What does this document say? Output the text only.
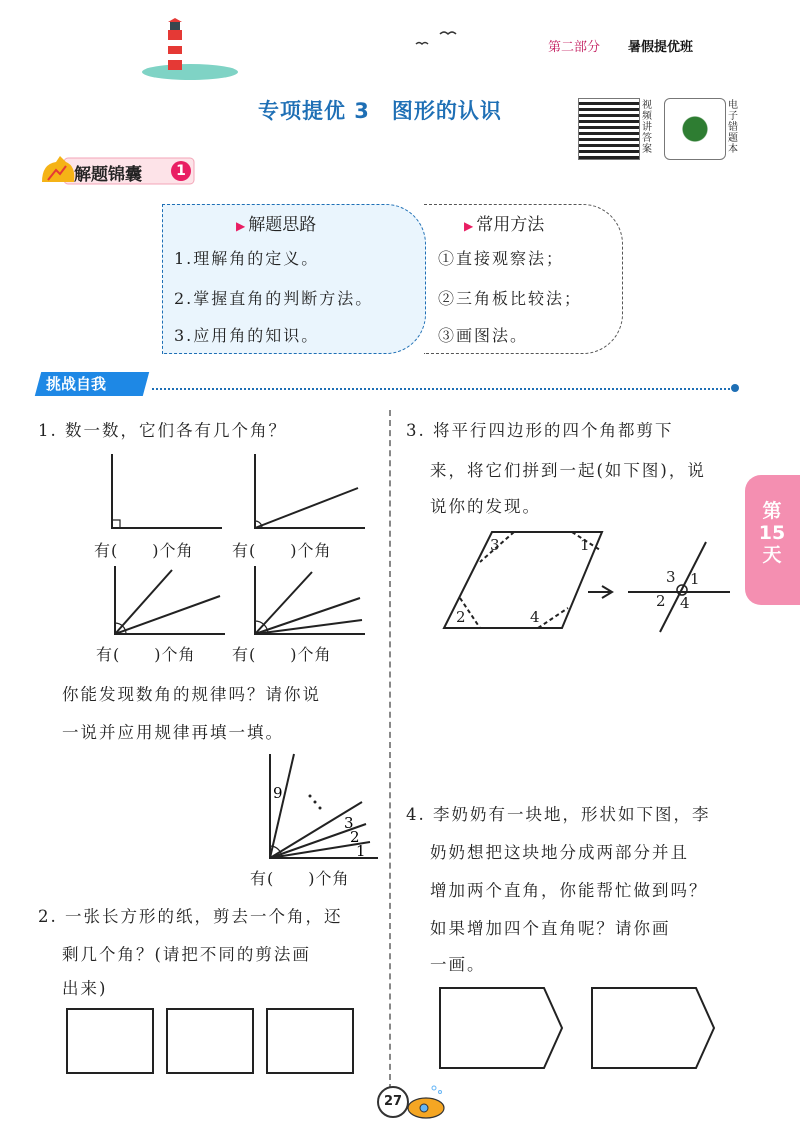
第二部分 暑假提优班
专项提优 3　图形的认识	视频讲答案
电子错题本
解题锦囊	1
▶ 解题思路
1.理解角的定义。
2.掌握直角的判断方法。
3.应用角的知识。
▶ 常用方法
①直接观察法；
②三角板比较法；
③画图法。
挑战自我
1. 数一数，它们各有几个角？
有(　　)个角 有(　　)个角
有(　　)个角 有(　　)个角
你能发现数角的规律吗？请你说
一说并应用规律再填一填。
9
3
2
1
有(　　)个角
2. 一张长方形的纸，剪去一个角，还
剩几个角？(请把不同的剪法画
出来)
3. 将平行四边形的四个角都剪下
来，将它们拼到一起(如下图)，说
说你的发现。
3	1
2	4
3 1
2 4
4. 李奶奶有一块地，形状如下图，李
奶奶想把这块地分成两部分并且
增加两个直角，你能帮忙做到吗？
如果增加四个直角呢？请你画
一画。
第15天
27
